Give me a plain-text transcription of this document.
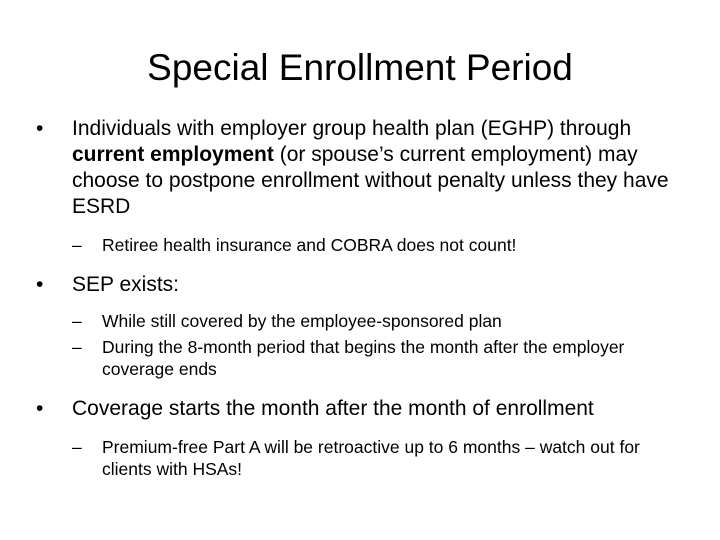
Special Enrollment Period
• Individuals with employer group health plan (EGHP) through current employment (or spouse’s current employment) may choose to postpone enrollment without penalty unless they have ESRD
– Retiree health insurance and COBRA does not count!
• SEP exists:
– While still covered by the employee-sponsored plan
– During the 8-month period that begins the month after the employer coverage ends
• Coverage starts the month after the month of enrollment
– Premium-free Part A will be retroactive up to 6 months – watch out for clients with HSAs!
